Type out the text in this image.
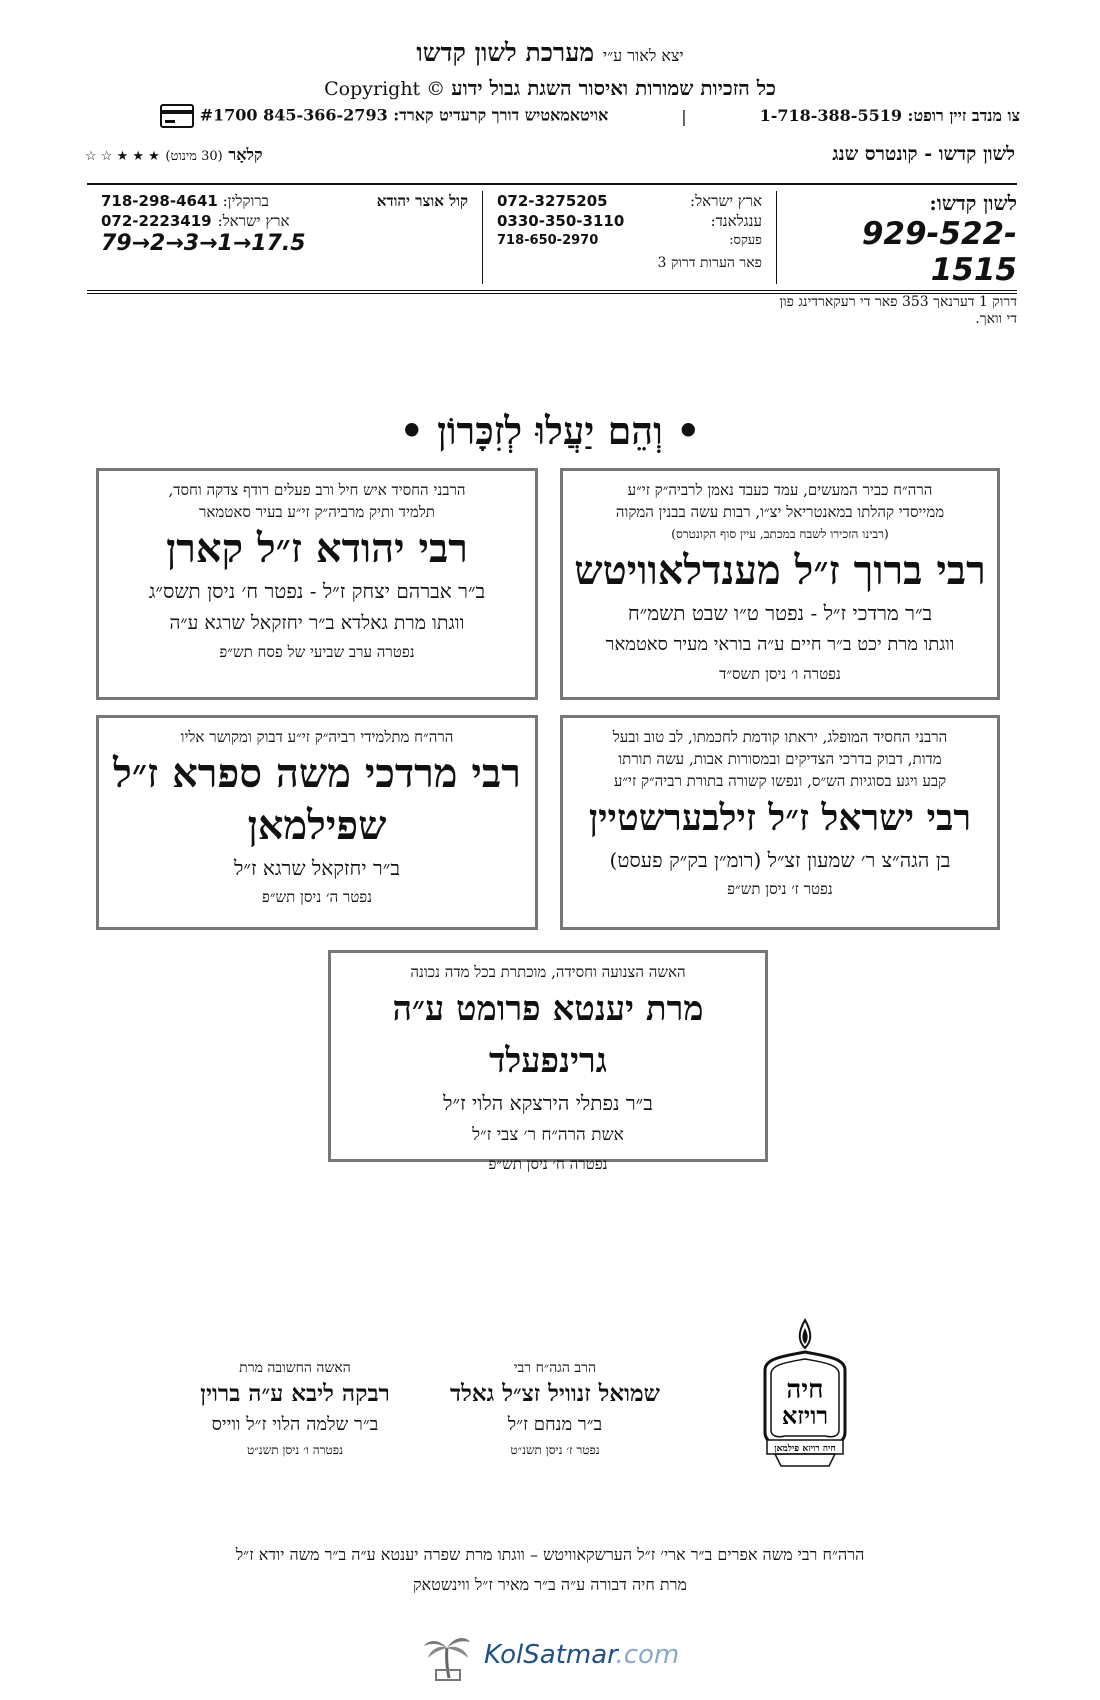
יצא לאור ע״י מערכת לשון קדשו
Copyright © כל הזכיות שמורות ואיסור השגת גבול ידוע
צו מנדב זיין רופט: 1-718-388-5519
|
אויטאמאטיש דורך קרעדיט קארד: 845-366-2793 #1700
לשון קדשו - קונטרס שנג
קלאָר (30 מינוט) ★ ★ ★ ☆ ☆
לשון קדשו:
929-522-1515
דרוק 1 דערנאך 353 פאר די רעקארדינג פון די וואך.
ארץ ישראל:
072-3275205
ענגלאנד:
0330-350-3110
פעקס:
718-650-2970
פאר הערות דרוק 3
קול אוצר יהודא
ברוקלין: 718-298-4641
ארץ ישראל:
072-2223419
79→2→3→1→17.5
• וְהֵם יַעֲלוּ לְזִכָּרוֹן •
הרה״ח כביר המעשים, עמד כעבד נאמן לרביה״ק זי״ע
ממייסדי קהלתו במאנטריאל יצ״ו, רבות עשה בבנין המקוה
(רבינו הזכירו לשבח במכתב, עיין סוף הקונטרס)
רבי ברוך ז״ל מענדלאוויטש
ב״ר מרדכי ז״ל - נפטר ט״ו שבט תשמ״ח
ווגתו מרת יכט ב״ר חיים ע״ה בוראי מעיר סאטמאר
נפטרה ו׳ ניסן תשס״ד
הרבני החסיד איש חיל ורב פעלים רודף צדקה וחסד,
תלמיד ותיק מרביה״ק זי״ע בעיר סאטמאר
רבי יהודא ז״ל קארן
ב״ר אברהם יצחק ז״ל - נפטר ח׳ ניסן תשס״ג
ווגתו מרת גאלדא ב״ר יחזקאל שרגא ע״ה
נפטרה ערב שביעי של פסח תש״פ
הרבני החסיד המופלג, יראתו קודמת לחכמתו, לב טוב ובעל
מדות, דבוק בדרכי הצדיקים ובמסורות אבות, עשה תורתו
קבע ויגע בסוגיות הש״ס, ונפשו קשורה בתורת רביה״ק זי״ע
רבי ישראל ז״ל זילבערשטיין
בן הגה״צ ר׳ שמעון זצ״ל (רומ״ן בק״ק פעסט)
נפטר ז׳ ניסן תש״פ
הרה״ח מתלמידי רביה״ק זי״ע דבוק ומקושר אליו
רבי מרדכי משה ספרא ז״ל
שפילמאן
ב״ר יחזקאל שרגא ז״ל
נפטר ה׳ ניסן תש״פ
האשה הצנועה וחסידה, מוכתרת בכל מדה נכונה
מרת יענטא פרומט ע״ה גרינפעלד
ב״ר נפתלי הירצקא הלוי ז״ל
אשת הרה״ח ר׳ צבי ז״ל
נפטרה ח׳ ניסן תש״פ
חיה
רויזא
חיה רויזא פילמאן
הרב הגה״ח רבי
שמואל זנוויל זצ״ל גאלד
ב״ר מנחם ז״ל
נפטר ז׳ ניסן תשנ״ט
האשה החשובה מרת
רבקה ליבא ע״ה ברוין
ב״ר שלמה הלוי ז״ל ווייס
נפטרה ו׳ ניסן תשנ״ט
הרה״ח רבי משה אפרים ב״ר ארי׳ ז״ל הערשקאוויטש – ווגתו מרת שפרה יענטא ע״ה ב״ר משה יודא ז״ל
מרת חיה דבורה ע״ה ב״ר מאיר ז״ל ווינשטאק
KolSatmar.com
